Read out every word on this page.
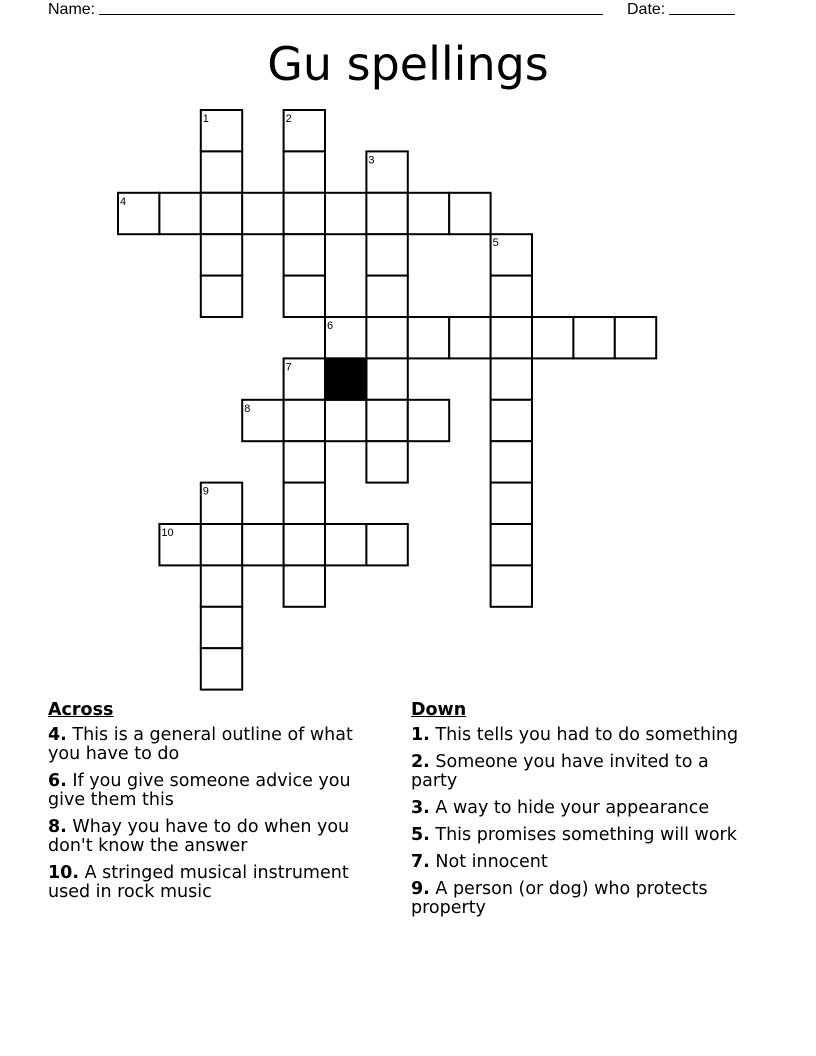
Name:	Date:
Gu spellings
1	2
3
4
5
6
7
8
9
10
Across
4. This is a general outline of what you have to do
6. If you give someone advice you give them this
8. Whay you have to do when you don't know the answer
10. A stringed musical instrument used in rock music
Down
1. This tells you had to do something
2. Someone you have invited to a party
3. A way to hide your appearance
5. This promises something will work
7. Not innocent
9. A person (or dog) who protects property
